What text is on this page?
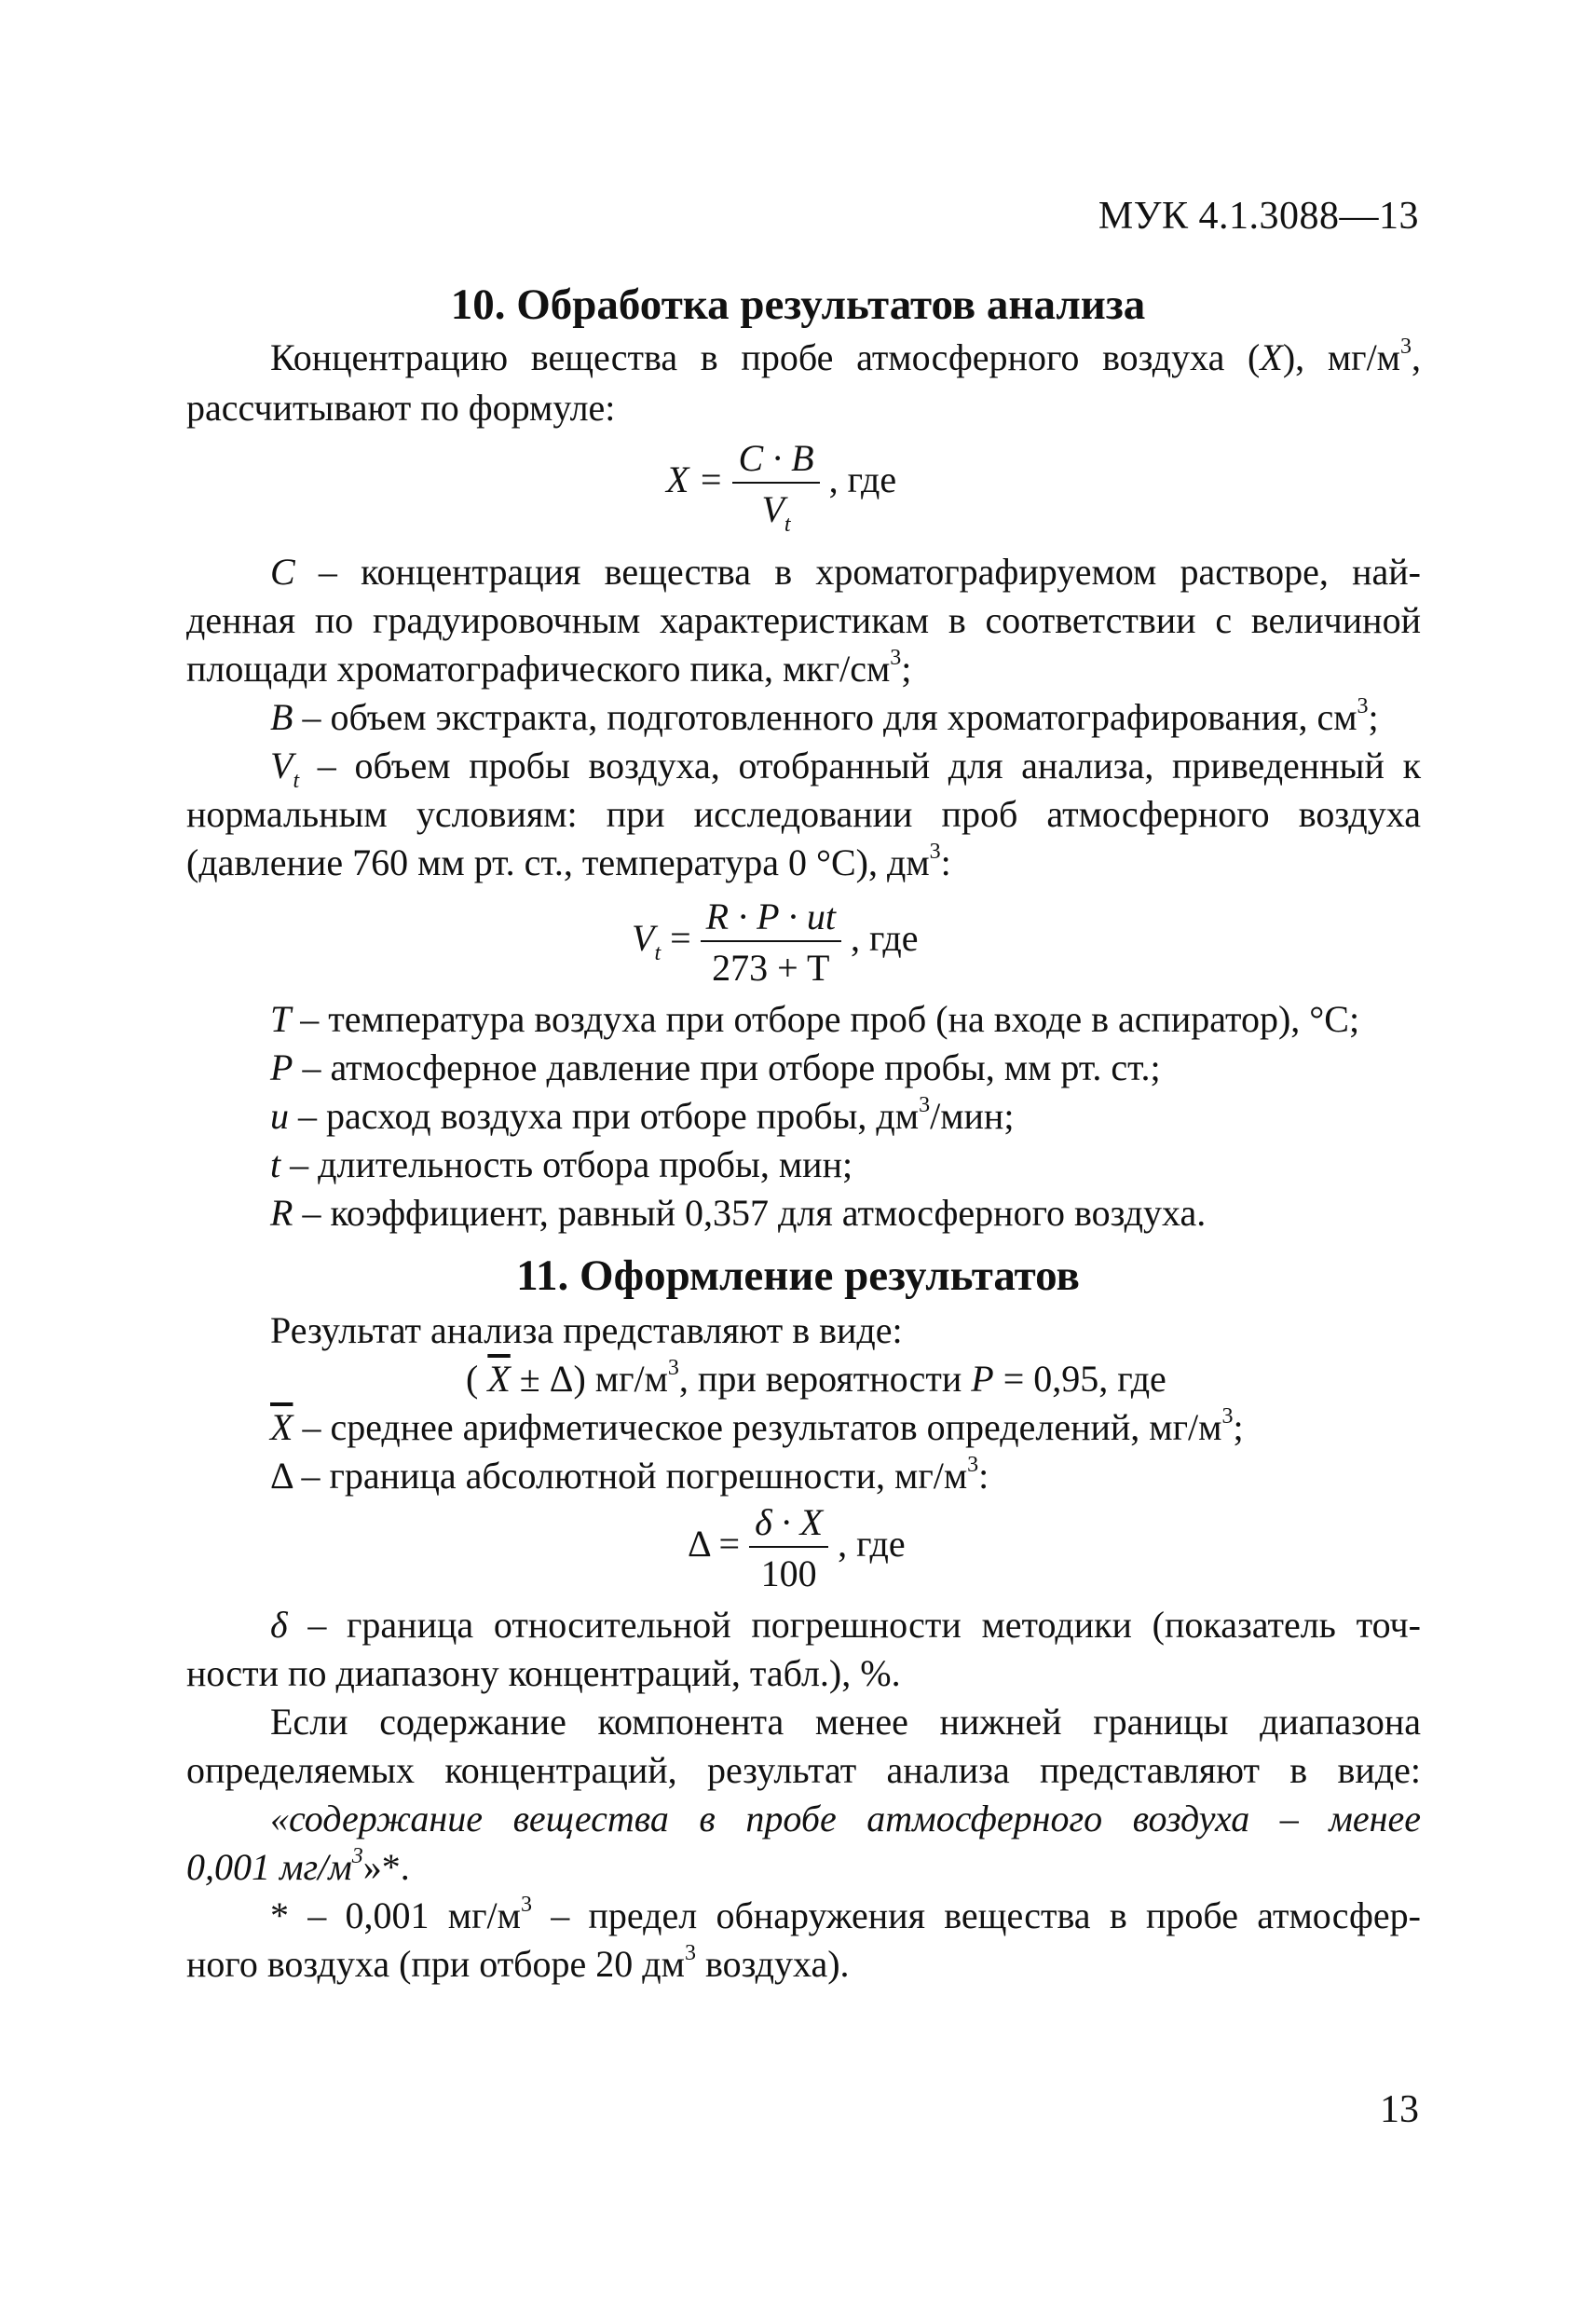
МУК 4.1.3088—13
10. Обработка результатов анализа
Концентрацию вещества в пробе атмосферного воздуха (X), $мг/м^3$,
рассчитывают по формуле:
$X = \frac{C \cdot B}{V_t}$ , где
C – концентрация вещества в хроматографируемом растворе, най-
денная по градуировочным характеристикам в соответствии с величиной
площади хроматографического пика, мкг/$см^3$;
B – объем экстракта, подготовленного для хроматографирования, $см^3$;
$V_t$ – объем пробы воздуха, отобранный для анализа, приведенный к
нормальным условиям: при исследовании проб атмосферного воздуха
(давление 760 мм рт. ст., температура 0 °С), $дм^3$:
$V_t = \frac{R \cdot P \cdot ut}{273 + T}$ , где
T – температура воздуха при отборе проб (на входе в аспиратор), °С;
P – атмосферное давление при отборе пробы, мм рт. ст.;
u – расход воздуха при отборе пробы, $дм^3$/мин;
t – длительность отбора пробы, мин;
R – коэффициент, равный 0,357 для атмосферного воздуха.
11. Оформление результатов
Результат анализа представляют в виде:
( $\overline{X} \pm \Delta$) $мг/м^3$, при вероятности P = 0,95, где
$\overline{X}$ – среднее арифметическое результатов определений, $мг/м^3$;
Δ – граница абсолютной погрешности, $мг/м^3$:
$\Delta = \frac{\delta \cdot X}{100}$ , где
δ – граница относительной погрешности методики (показатель точ-
ности по диапазону концентраций, табл.), %.
Если содержание компонента менее нижней границы диапазона
определяемых концентраций, результат анализа представляют в виде:
«содержание вещества в пробе атмосферного воздуха – менее
0,001 $мг/м^3»*$.
* – 0,001 $мг/м^3$ – предел обнаружения вещества в пробе атмосфер-
ного воздуха (при отборе 20 $дм^3$ воздуха).
13
